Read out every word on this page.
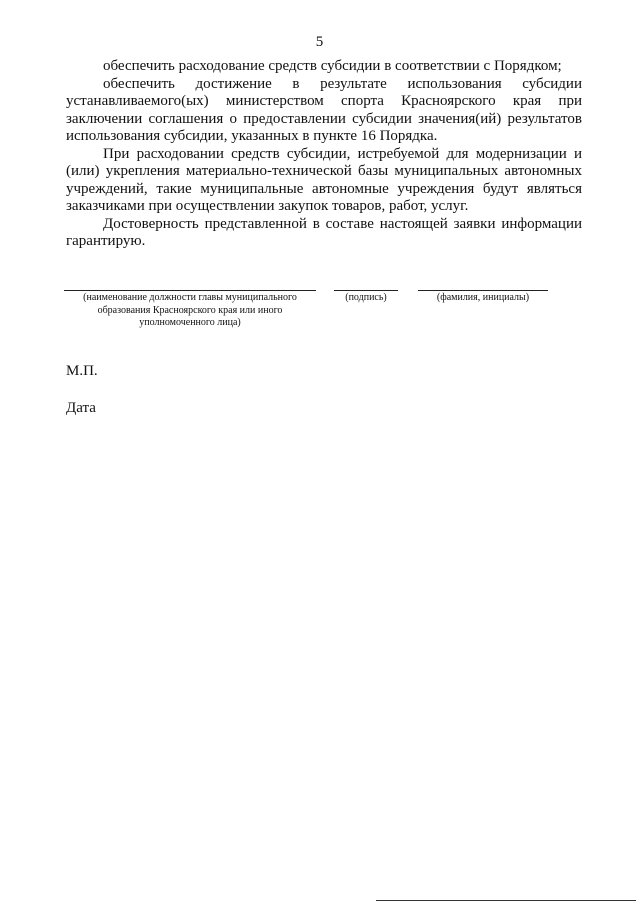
5

обеспечить расходование средств субсидии в соответствии с Порядком;

обеспечить достижение в результате использования субсидии устанавливаемого(ых) министерством спорта Красноярского края при заключении соглашения о предоставлении субсидии значения(ий) результатов использования субсидии, указанных в пункте 16 Порядка.

При расходовании средств субсидии, истребуемой для модернизации и (или) укрепления материально-технической базы муниципальных автономных учреждений, такие муниципальные автономные учреждения будут являться заказчиками при осуществлении закупок товаров, работ, услуг.

Достоверность представленной в составе настоящей заявки информации гарантирую.

(наименование должности главы муниципального образования Красноярского края или иного уполномоченного лица)
(подпись)	(фамилия, инициалы)
М.П.
Дата
